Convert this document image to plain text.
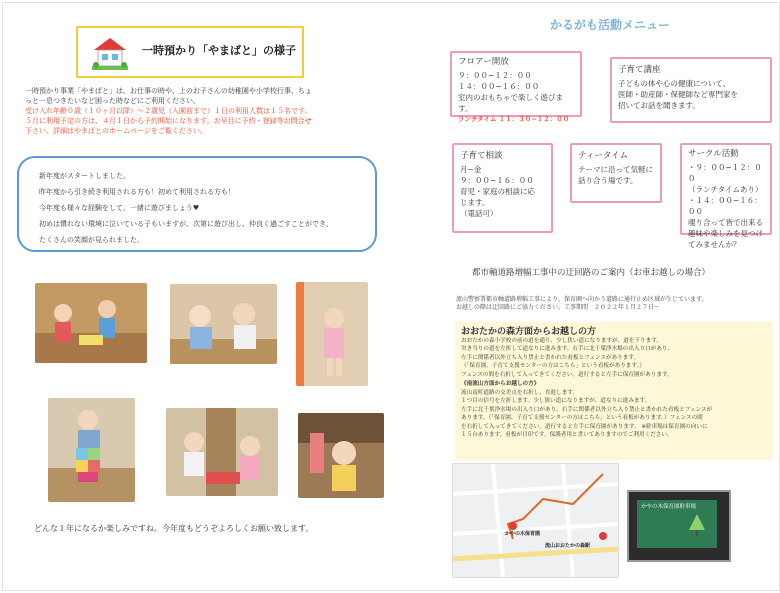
一時預かり「やまばと」の様子
一時預かり事業「やまばと」は、お仕事の時や、上のお子さんの幼稚園や小学校行事、ちょ
っと一息つきたいなど困った時などにご利用ください。
受け入れ年齢０歳（１０ヶ月以降）～２歳児（入園前まで）１日の利用人数は１５名です。
５月に利用予定の方は、４月１日から予約開始になります。お早目に予約・登録等お問合せ
下さい。詳細はやまばとのホームページをご覧ください。

新年度がスタートしました。

昨年度から引き続き利用される方も！初めて利用される方も！

今年度も様々な経験をして、一緒に遊びましょう♥

初めは慣れない環境に泣いている子もいますが、次第に遊び出し、仲良く過ごすことができ、

たくさんの笑顔が見られました。

どんな１年になるか楽しみですね。今年度もどうぞよろしくお願い致します。
かるがも活動メニュー
フロアー開放
９：００~１２：００
１４：００~１６：００
室内のおもちゃで楽しく遊びます。
ランチタイム １１：３０~１２：００
子育て講座
子どもの体や心の健康について、
医師・助産師・保健師など専門家を
招いてお話を聞きます。
子育て相談
月~金
９：００~１６：００
育児・家庭の相談に応
じます。
（電話可）
ティータイム
テーマに沿って気軽に
話り合う場です。
サークル活動
・９：００~１２：００
（ランチタイムあり）
・１４：００~１６：００
覗り合って皆で出来る
趣味や楽しみを見つけ
てみませんか？
都市軸道路増幅工事中の迂回路のご案内（お車お越しの場合）
流山警察署都市軸道路増幅工事により、保育園へ向かう道路に通行止め区域が生じています。
お越しの際は迂回路にご協力ください。工事期間　２０２２年１月２７日～
おおたかの森方面からお越しの方
おおたかの森小学校の前の道を通り、少し狭い道になりますが、道を下ります。
突き当りの道を左折して道なりに進みます。右手に北千葉浄水場の出入り口があり、
左手に関係者以外立ち入り禁止と書かれた看板とフェンスがあります。
（「保育園、子育て支援センターの方はこちら」という看板があります。）
フェンスの間を右折して入ってきてください。道行すると左手に保育園があります。
《南流山方面からお越しの方》
流山南町道路の交差点を右折し、直進します。
１つ目の信号を左折します。少し狭い道になりますが、道なりに進みます。
左手に北千葉浄水場の出入り口があり、右手に関係者以外立ち入り禁止と書かれた看板とフェンスが
あります。（「保育園、子育て支援センターの方はこちら」という看板があります。）フェンスの間
を右折して入ってきてください。道行すると左手に保育園があります。 ※駐車場は保育園の向いに
１５台あります。看板が目印です。保護者用と書いてありますのでご利用ください。
かやの木保育園
流山おおたかの森駅
かやの木保育園駐車場
